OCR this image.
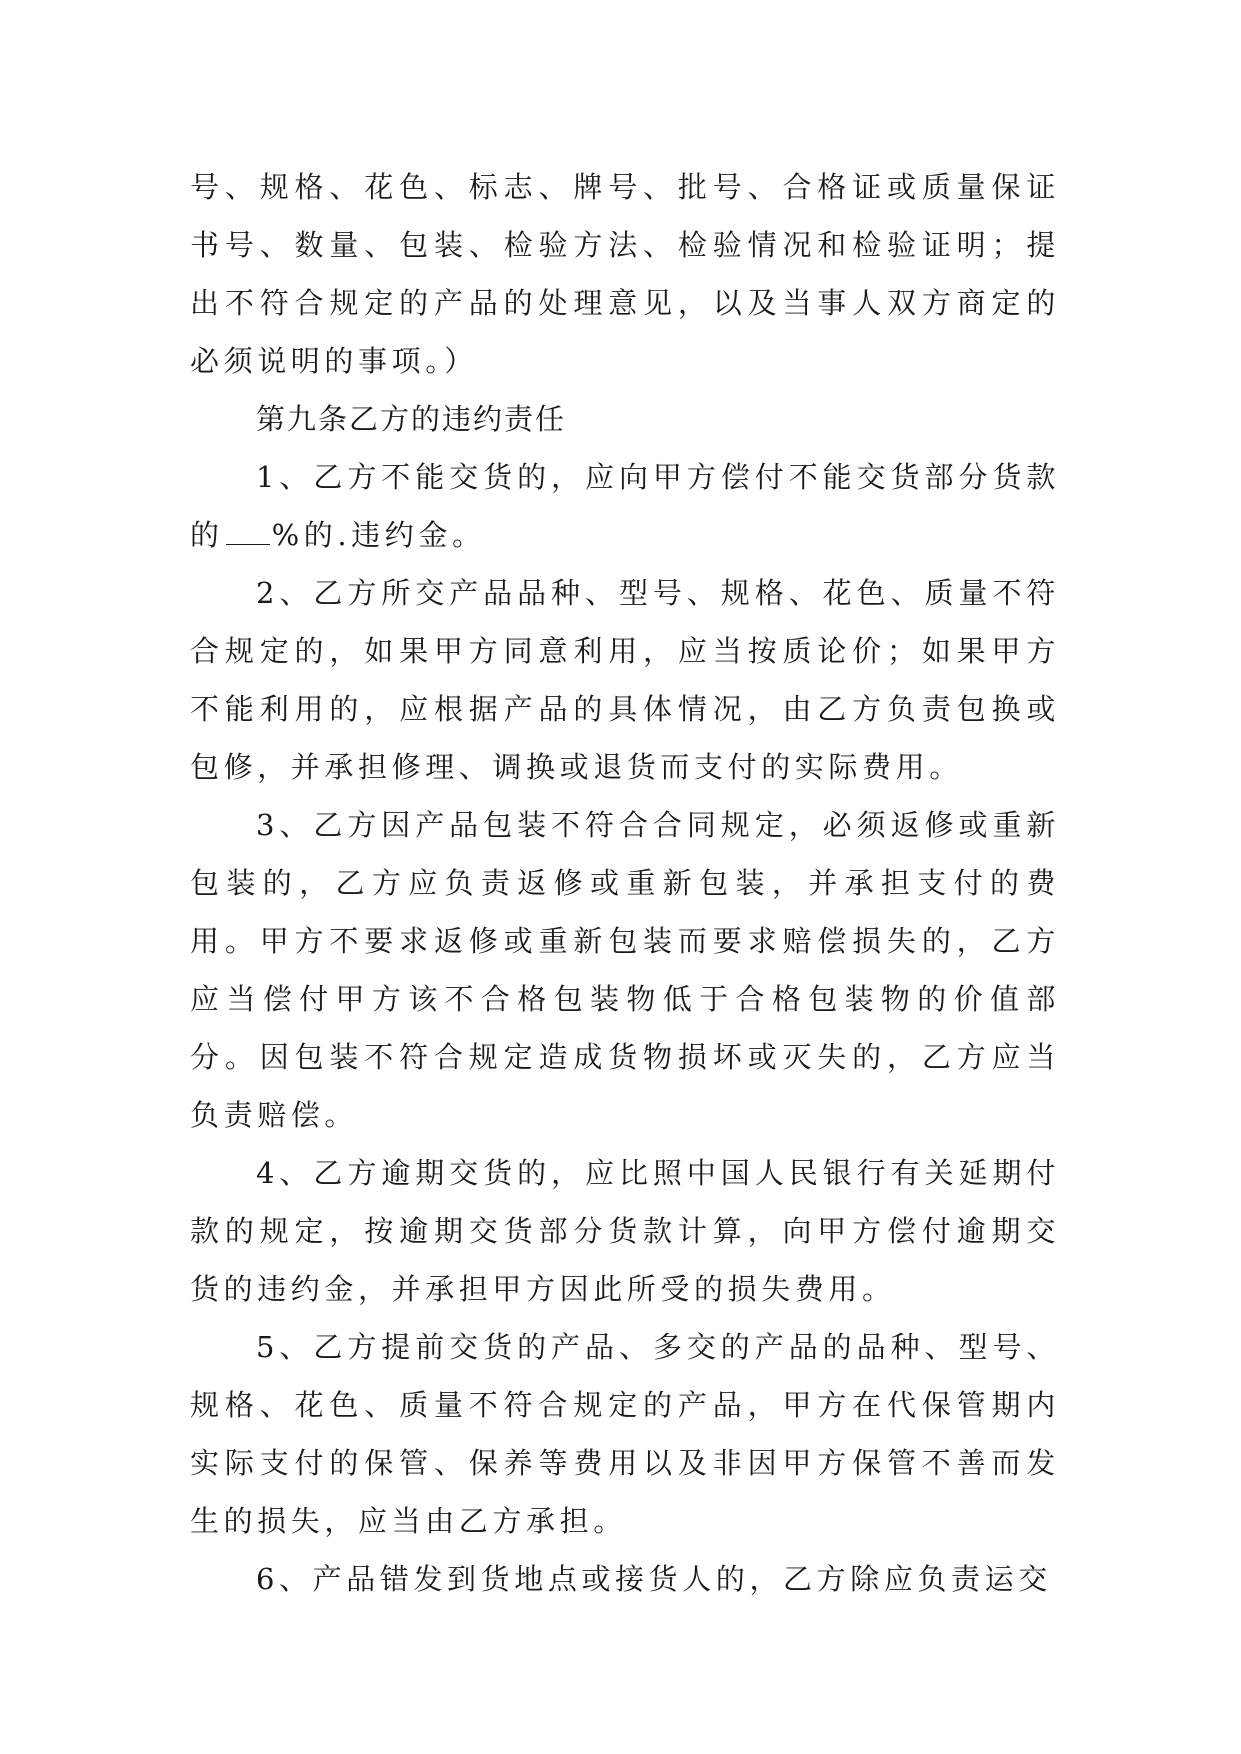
号、规格、花色、标志、牌号、批号、合格证或质量保证书号、数量、包装、检验方法、检验情况和检验证明；提出不符合规定的产品的处理意见，以及当事人双方商定的必须说明的事项。）

第九条乙方的违约责任

1、乙方不能交货的，应向甲方偿付不能交货部分货款的 %的.违约金。

2、乙方所交产品品种、型号、规格、花色、质量不符合规定的，如果甲方同意利用，应当按质论价；如果甲方不能利用的，应根据产品的具体情况，由乙方负责包换或包修，并承担修理、调换或退货而支付的实际费用。

3、乙方因产品包装不符合合同规定，必须返修或重新包装的，乙方应负责返修或重新包装，并承担支付的费用。甲方不要求返修或重新包装而要求赔偿损失的，乙方应当偿付甲方该不合格包装物低于合格包装物的价值部分。因包装不符合规定造成货物损坏或灭失的，乙方应当负责赔偿。

4、乙方逾期交货的，应比照中国人民银行有关延期付款的规定，按逾期交货部分货款计算，向甲方偿付逾期交货的违约金，并承担甲方因此所受的损失费用。

5、乙方提前交货的产品、多交的产品的品种、型号、规格、花色、质量不符合规定的产品，甲方在代保管期内实际支付的保管、保养等费用以及非因甲方保管不善而发生的损失，应当由乙方承担。

6、产品错发到货地点或接货人的，乙方除应负责运交
